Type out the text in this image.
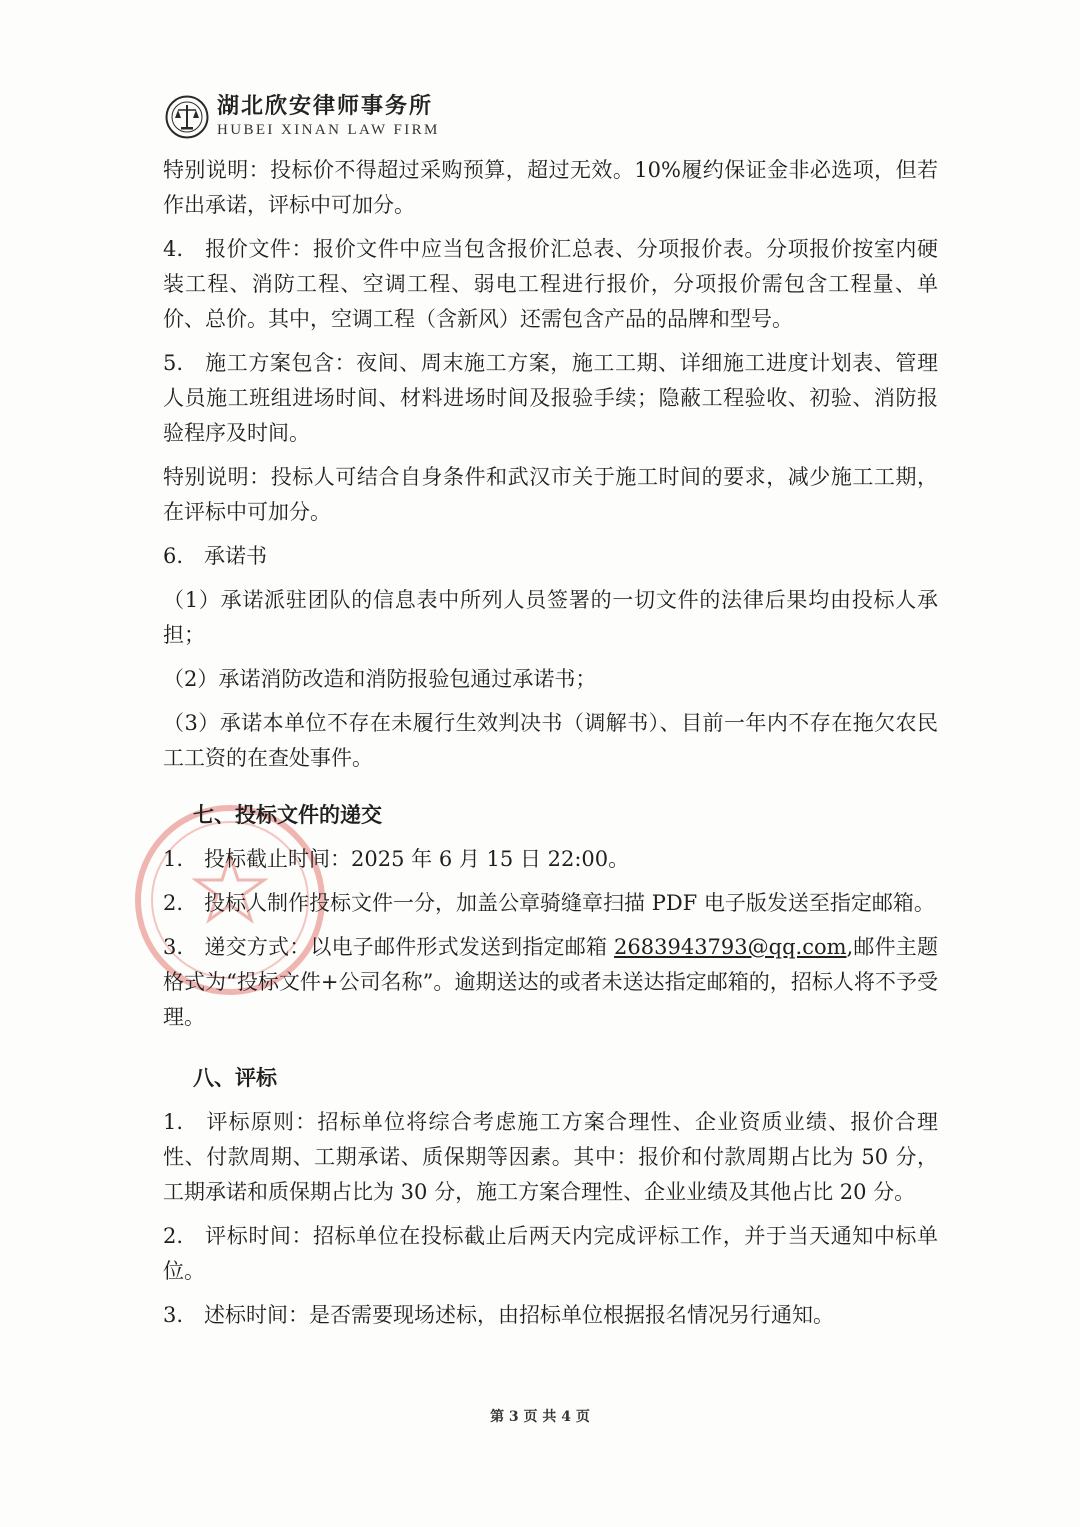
湖北欣安律师事务所
HUBEI XINAN LAW FIRM

特别说明：投标价不得超过采购预算，超过无效。10%履约保证金非必选项，但若作出承诺，评标中可加分。

4.　报价文件：报价文件中应当包含报价汇总表、分项报价表。分项报价按室内硬装工程、消防工程、空调工程、弱电工程进行报价，分项报价需包含工程量、单价、总价。其中，空调工程（含新风）还需包含产品的品牌和型号。

5.　施工方案包含：夜间、周末施工方案，施工工期、详细施工进度计划表、管理人员施工班组进场时间、材料进场时间及报验手续；隐蔽工程验收、初验、消防报验程序及时间。

特别说明：投标人可结合自身条件和武汉市关于施工时间的要求，减少施工工期，在评标中可加分。

6.　承诺书

（1）承诺派驻团队的信息表中所列人员签署的一切文件的法律后果均由投标人承担；

（2）承诺消防改造和消防报验包通过承诺书；

（3）承诺本单位不存在未履行生效判决书（调解书）、目前一年内不存在拖欠农民工工资的在查处事件。

七、投标文件的递交

1.　投标截止时间：2025 年 6 月 15 日 22:00。

2.　投标人制作投标文件一分，加盖公章骑缝章扫描 PDF 电子版发送至指定邮箱。

3.　递交方式：以电子邮件形式发送到指定邮箱 2683943793@qq.com,邮件主题格式为“投标文件+公司名称”。逾期送达的或者未送达指定邮箱的，招标人将不予受理。

八、评标

1.　评标原则：招标单位将综合考虑施工方案合理性、企业资质业绩、报价合理性、付款周期、工期承诺、质保期等因素。其中：报价和付款周期占比为 50 分，工期承诺和质保期占比为 30 分，施工方案合理性、企业业绩及其他占比 20 分。

2.　评标时间：招标单位在投标截止后两天内完成评标工作，并于当天通知中标单位。

3.　述标时间：是否需要现场述标，由招标单位根据报名情况另行通知。

第 3 页 共 4 页
